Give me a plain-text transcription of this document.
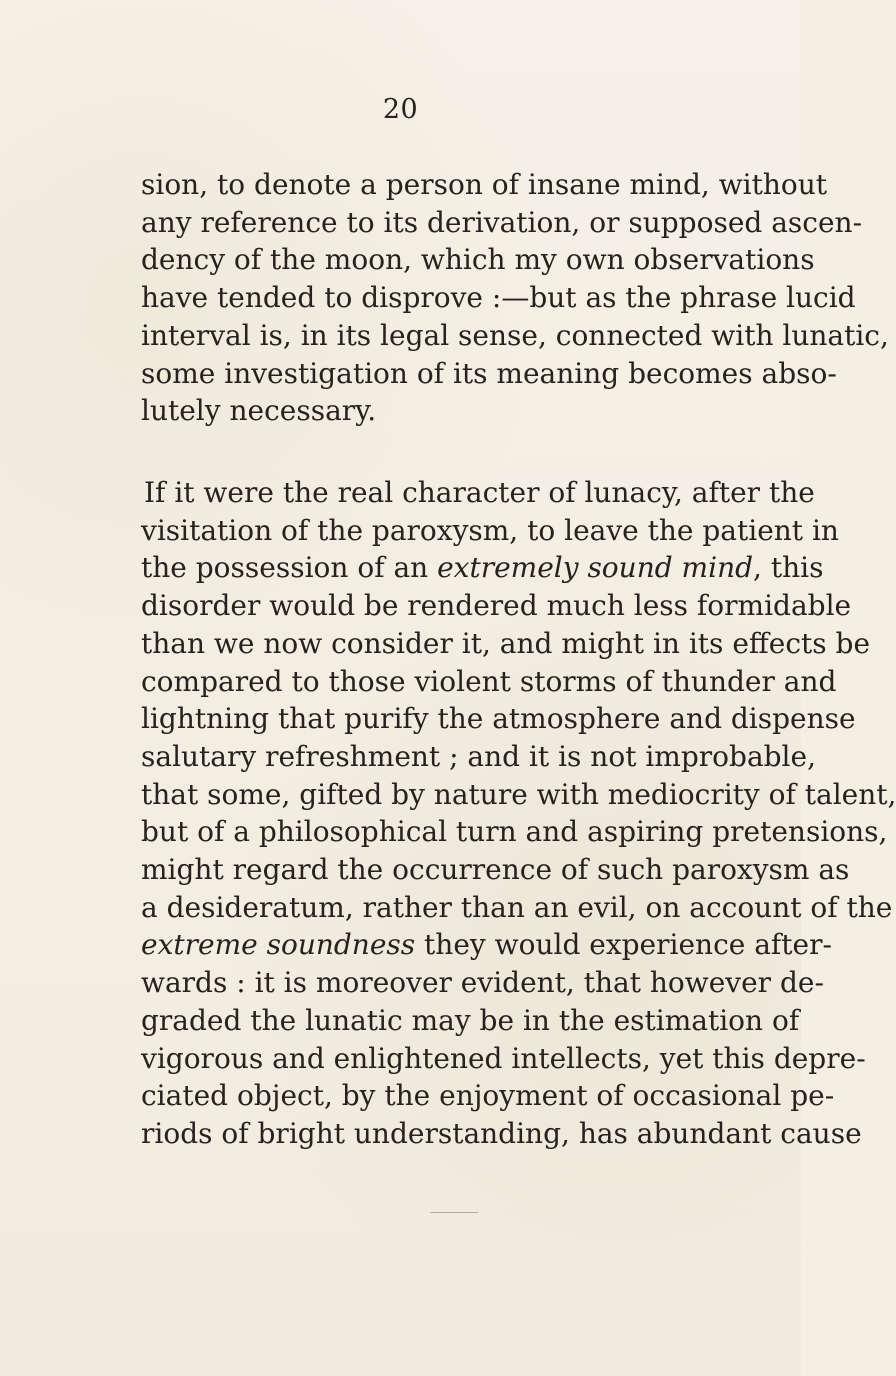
20
sion, to denote a person of insane mind, without
any reference to its derivation, or supposed ascen-
dency of the moon, which my own observations
have tended to disprove :—but as the phrase lucid
interval is, in its legal sense, connected with lunatic,
some investigation of its meaning becomes abso-
lutely necessary.
If it were the real character of lunacy, after the
visitation of the paroxysm, to leave the patient in
the possession of an extremely sound mind, this
disorder would be rendered much less formidable
than we now consider it, and might in its effects be
compared to those violent storms of thunder and
lightning that purify the atmosphere and dispense
salutary refreshment ; and it is not improbable,
that some, gifted by nature with mediocrity of talent,
but of a philosophical turn and aspiring pretensions,
might regard the occurrence of such paroxysm as
a desideratum, rather than an evil, on account of the
extreme soundness they would experience after-
wards : it is moreover evident, that however de-
graded the lunatic may be in the estimation of
vigorous and enlightened intellects, yet this depre-
ciated object, by the enjoyment of occasional pe-
riods of bright understanding, has abundant cause
